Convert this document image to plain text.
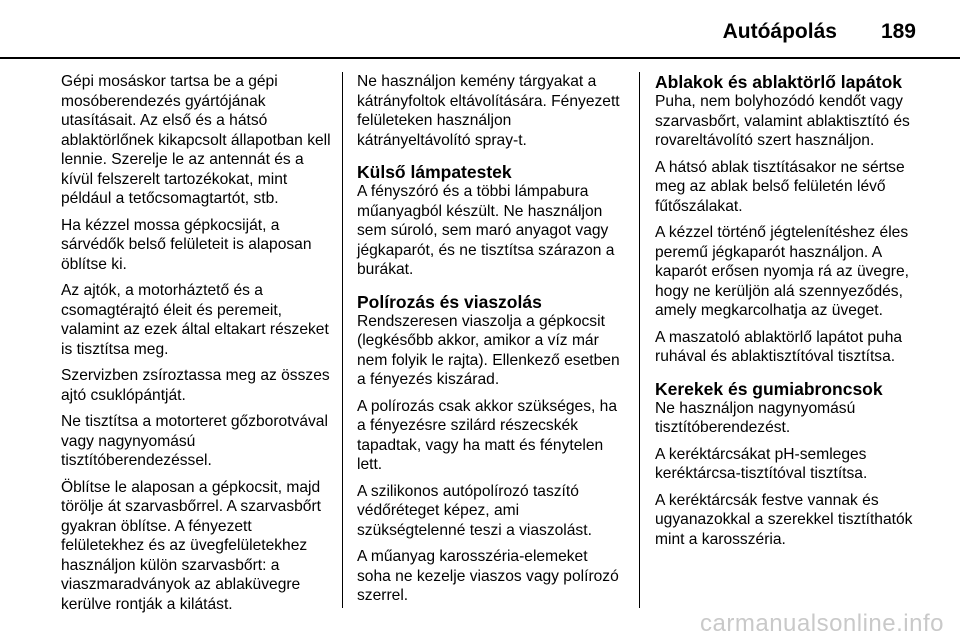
Autóápolás 189

Gépi mosáskor tartsa be a gépi mosóberendezés gyártójának utasításait. Az első és a hátsó ablaktörlőnek kikapcsolt állapotban kell lennie. Szerelje le az antennát és a kívül felszerelt tartozékokat, mint például a tetőcsomagtartót, stb.

Ha kézzel mossa gépkocsiját, a sárvédők belső felületeit is alaposan öblítse ki.

Az ajtók, a motorháztető és a csomagtérajtó éleit és peremeit, valamint az ezek által eltakart részeket is tisztítsa meg.

Szervizben zsíroztassa meg az összes ajtó csuklópántját.

Ne tisztítsa a motorteret gőzborotvával vagy nagynyomású tisztítóberendezéssel.

Öblítse le alaposan a gépkocsit, majd törölje át szarvasbőrrel. A szarvasbőrt gyakran öblítse. A fényezett felületekhez és az üvegfelületekhez használjon külön szarvasbőrt: a viaszmaradványok az ablaküvegre kerülve rontják a kilátást.

Ne használjon kemény tárgyakat a kátrányfoltok eltávolítására. Fényezett felületeken használjon kátrányeltávolító spray-t.

Külső lámpatestek

A fényszóró és a többi lámpabura műanyagból készült. Ne használjon sem súroló, sem maró anyagot vagy jégkaparót, és ne tisztítsa szárazon a burákat.

Polírozás és viaszolás

Rendszeresen viaszolja a gépkocsit (legkésőbb akkor, amikor a víz már nem folyik le rajta). Ellenkező esetben a fényezés kiszárad.

A polírozás csak akkor szükséges, ha a fényezésre szilárd részecskék tapadtak, vagy ha matt és fénytelen lett.

A szilikonos autópolírozó taszító védőréteget képez, ami szükségtelenné teszi a viaszolást.

A műanyag karosszéria-elemeket soha ne kezelje viaszos vagy polírozó szerrel.

Ablakok és ablaktörlő lapátok

Puha, nem bolyhozódó kendőt vagy szarvasbőrt, valamint ablaktisztító és rovareltávolító szert használjon.

A hátsó ablak tisztításakor ne sértse meg az ablak belső felületén lévő fűtőszálakat.

A kézzel történő jégtelenítéshez éles peremű jégkaparót használjon. A kaparót erősen nyomja rá az üvegre, hogy ne kerüljön alá szennyeződés, amely megkarcolhatja az üveget.

A maszatoló ablaktörlő lapátot puha ruhával és ablaktisztítóval tisztítsa.

Kerekek és gumiabroncsok

Ne használjon nagynyomású tisztítóberendezést.

A keréktárcsákat pH-semleges keréktárcsa-tisztítóval tisztítsa.

A keréktárcsák festve vannak és ugyanazokkal a szerekkel tisztíthatók mint a karosszéria.

carmanualsonline.info
